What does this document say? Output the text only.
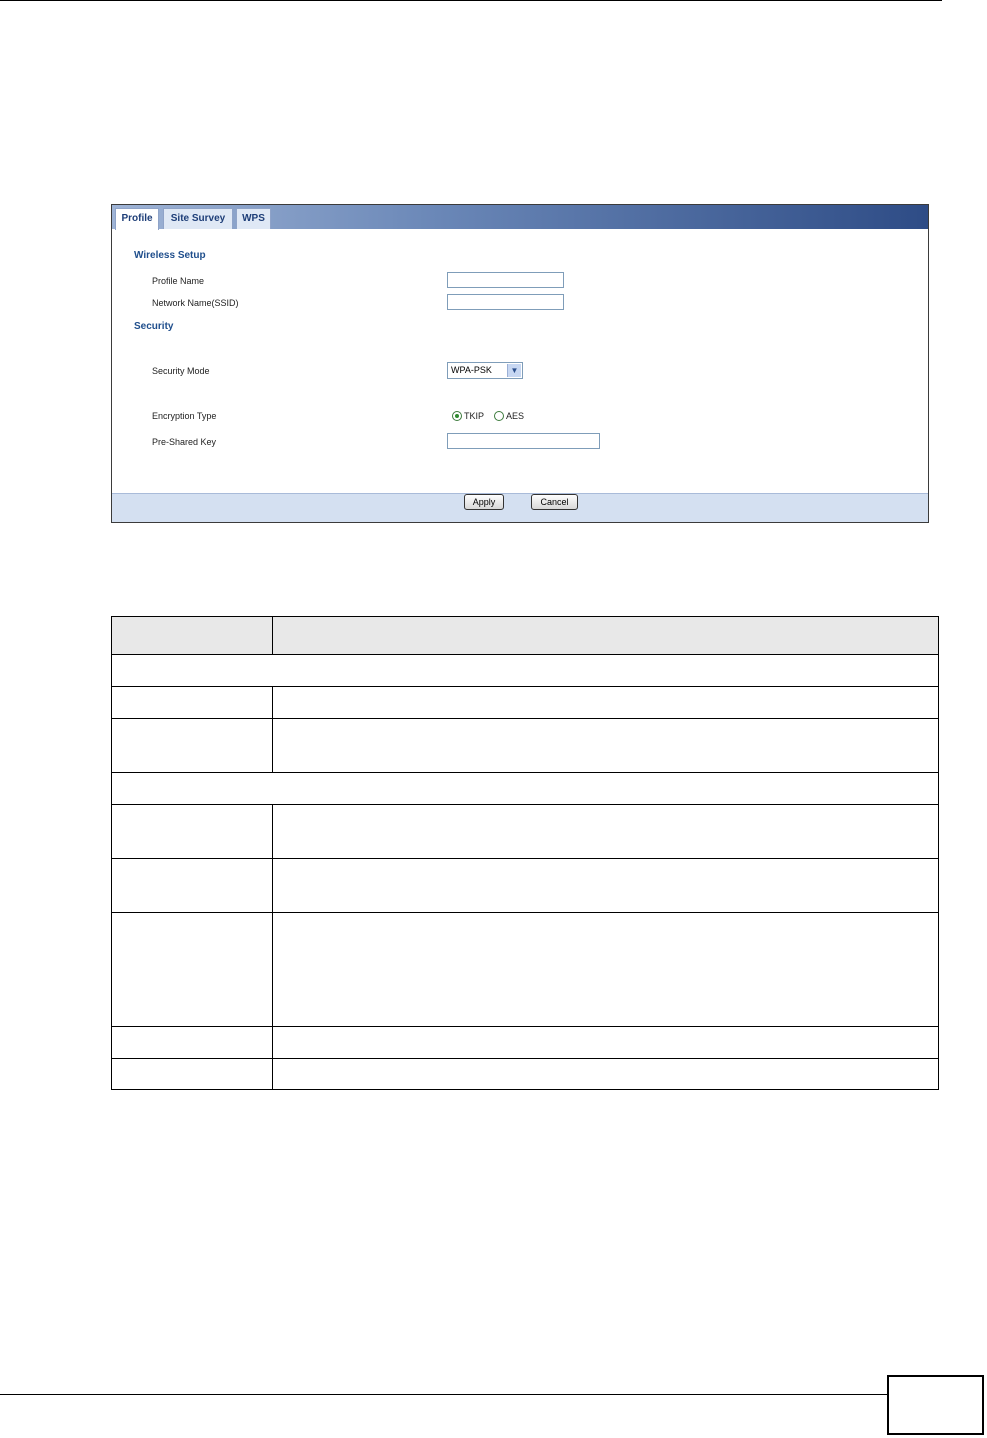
Profile	Site Survey	WPS
Wireless Setup
Profile Name
Network Name(SSID)
Security
Security Mode	WPA-PSK	▼
Encryption Type	TKIP AES
Pre-Shared Key
Apply	Cancel
